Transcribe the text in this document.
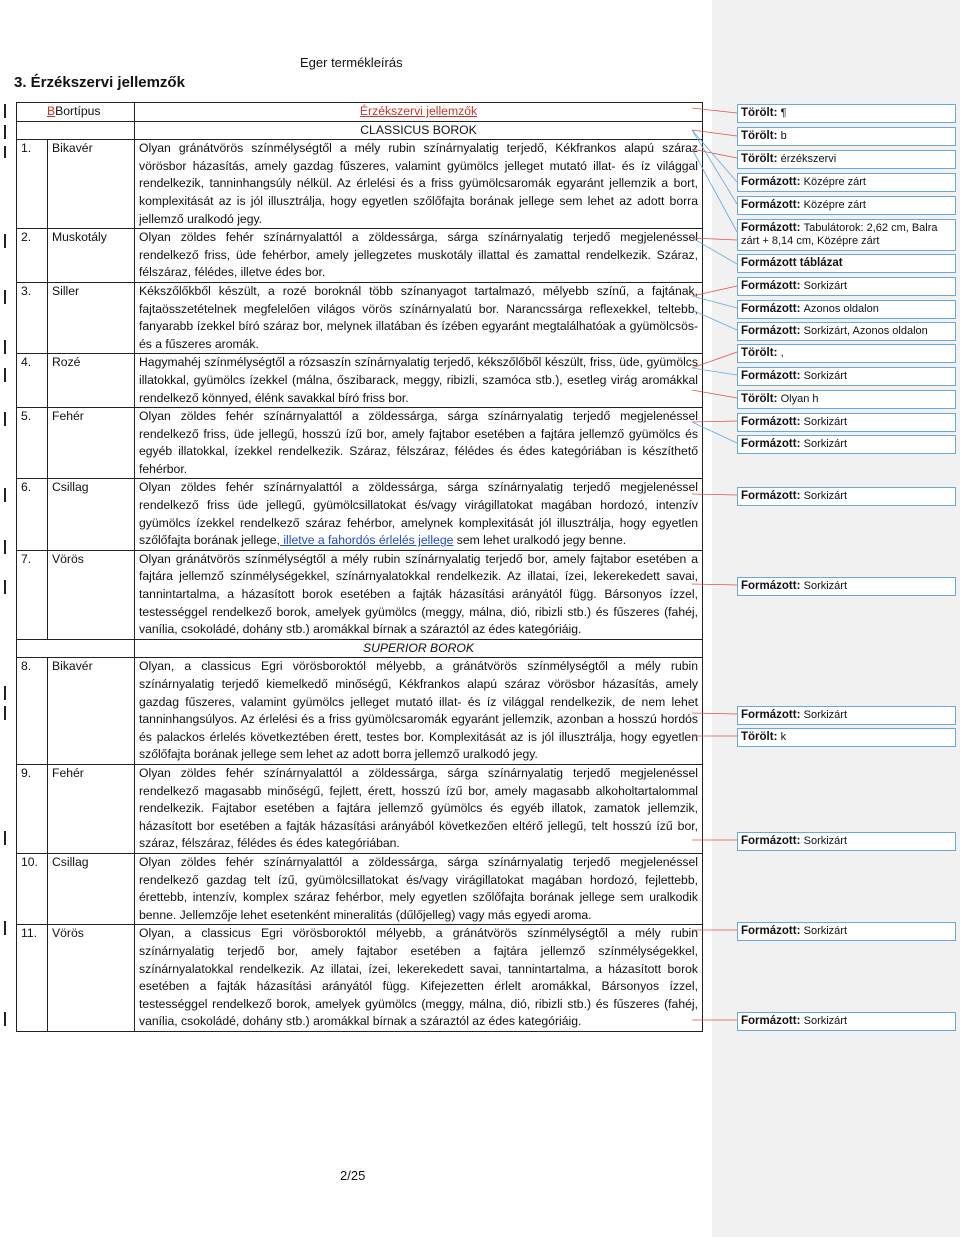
Eger termékleírás
3. Érzékszervi jellemzők
BBortípus		Érzékszervi jellemzők
		CLASSICUS BOROK
1.	Bikavér	Olyan gránátvörös színmélységtől a mély rubin színárnyalatig terjedő, Kékfrankos alapú száraz vörösbor házasítás, amely gazdag fűszeres, valamint gyümölcs jelleget mutató illat- és íz világgal rendelkezik, tanninhangsúly nélkül. Az érlelési és a friss gyümölcsaromák egyaránt jellemzik a bort, komplexitását az is jól illusztrálja, hogy egyetlen szőlőfajta borának jellege sem lehet az adott borra jellemző uralkodó jegy.
2.	Muskotály	Olyan zöldes fehér színárnyalattól a zöldessárga, sárga színárnyalatig terjedő megjelenéssel rendelkező friss, üde fehérbor, amely jellegzetes muskotály illattal és zamattal rendelkezik. Száraz, félszáraz, félédes, illetve édes bor.
3.	Siller	Kékszőlőkből készült, a rozé boroknál több színanyagot tartalmazó, mélyebb színű, a fajtának, fajtaösszetételnek megfelelően világos vörös színárnyalatú bor. Narancssárga reflexekkel, teltebb, fanyarabb ízekkel bíró száraz bor, melynek illatában és ízében egyaránt megtalálhatóak a gyümölcsös- és a fűszeres aromák.
4.	Rozé	Hagymahéj színmélységtől a rózsaszín színárnyalatig terjedő, kékszőlőből készült, friss, üde, gyümölcs illatokkal, gyümölcs ízekkel (málna, őszibarack, meggy, ribizli, szamóca stb.), esetleg virág aromákkal rendelkező könnyed, élénk savakkal bíró friss bor.
5.	Fehér	Olyan zöldes fehér színárnyalattól a zöldessárga, sárga színárnyalatig terjedő megjelenéssel rendelkező friss, üde jellegű, hosszú ízű bor, amely fajtabor esetében a fajtára jellemző gyümölcs és egyéb illatokkal, ízekkel rendelkezik. Száraz, félszáraz, félédes és édes kategóriában is készíthető fehérbor.
6.	Csillag	Olyan zöldes fehér színárnyalattól a zöldessárga, sárga színárnyalatig terjedő megjelenéssel rendelkező friss üde jellegű, gyümölcsillatokat és/vagy virágillatokat magában hordozó, intenzív gyümölcs ízekkel rendelkező száraz fehérbor, amelynek komplexitását jól illusztrálja, hogy egyetlen szőlőfajta borának jellege, illetve a fahordós érlelés jellege sem lehet uralkodó jegy benne.
7.	Vörös	Olyan gránátvörös színmélységtől a mély rubin színárnyalatig terjedő bor, amely fajtabor esetében a fajtára jellemző színmélységekkel, színárnyalatokkal rendelkezik. Az illatai, ízei, lekerekedett savai, tannintartalma, a házasított borok esetében a fajták házasítási arányától függ. Bársonyos ízzel, testességgel rendelkező borok, amelyek gyümölcs (meggy, málna, dió, ribizli stb.) és fűszeres (fahéj, vanília, csokoládé, dohány stb.) aromákkal bírnak a száraztól az édes kategóriáig.
		SUPERIOR BOROK
8.	Bikavér	Olyan, a classicus Egri vörösboroktól mélyebb, a gránátvörös színmélységtől a mély rubin színárnyalatig terjedő kiemelkedő minőségű, Kékfrankos alapú száraz vörösbor házasítás, amely gazdag fűszeres, valamint gyümölcs jelleget mutató illat- és íz világgal rendelkezik, de nem lehet tanninhangsúlyos. Az érlelési és a friss gyümölcsaromák egyaránt jellemzik, azonban a hosszú hordós és palackos érlelés következtében érett, testes bor. Komplexitását az is jól illusztrálja, hogy egyetlen szőlőfajta borának jellege sem lehet az adott borra jellemző uralkodó jegy.
9.	Fehér	Olyan zöldes fehér színárnyalattól a zöldessárga, sárga színárnyalatig terjedő megjelenéssel rendelkező magasabb minőségű, fejlett, érett, hosszú ízű bor, amely magasabb alkoholtartalommal rendelkezik. Fajtabor esetében a fajtára jellemző gyümölcs és egyéb illatok, zamatok jellemzik, házasított bor esetében a fajták házasítási arányából következően eltérő jellegű, telt hosszú ízű bor, száraz, félszáraz, félédes és édes kategóriában.
10.	Csillag	Olyan zöldes fehér színárnyalattól a zöldessárga, sárga színárnyalatig terjedő megjelenéssel rendelkező gazdag telt ízű, gyümölcsillatokat és/vagy virágillatokat magában hordozó, fejlettebb, érettebb, intenzív, komplex száraz fehérbor, mely egyetlen szőlőfajta borának jellege sem uralkodik benne. Jellemzője lehet esetenként mineralitás (dűlőjelleg) vagy más egyedi aroma.
11.	Vörös	Olyan, a classicus Egri vörösboroktól mélyebb, a gránátvörös színmélységtől a mély rubin színárnyalatig terjedő bor, amely fajtabor esetében a fajtára jellemző színmélységekkel, színárnyalatokkal rendelkezik. Az illatai, ízei, lekerekedett savai, tannintartalma, a házasított borok esetében a fajták házasítási arányától függ. Kifejezetten érlelt aromákkal, Bársonyos ízzel, testességgel rendelkező borok, amelyek gyümölcs (meggy, málna, dió, ribizli stb.) és fűszeres (fahéj, vanília, csokoládé, dohány stb.) aromákkal bírnak a száraztól az édes kategóriáig.
2/25
Törölt: ¶
Törölt: b
Törölt: érzékszervi
Formázott: Középre zárt
Formázott: Középre zárt
Formázott: Tabulátorok: 2,62 cm, Balra zárt + 8,14 cm, Középre zárt
Formázott táblázat
Formázott: Sorkizárt
Formázott: Azonos oldalon
Formázott: Sorkizárt, Azonos oldalon
Törölt: ,
Formázott: Sorkizárt
Törölt: Olyan h
Formázott: Sorkizárt
Formázott: Sorkizárt
Formázott: Sorkizárt
Formázott: Sorkizárt
Formázott: Sorkizárt
Törölt: k
Formázott: Sorkizárt
Formázott: Sorkizárt
Formázott: Sorkizárt
